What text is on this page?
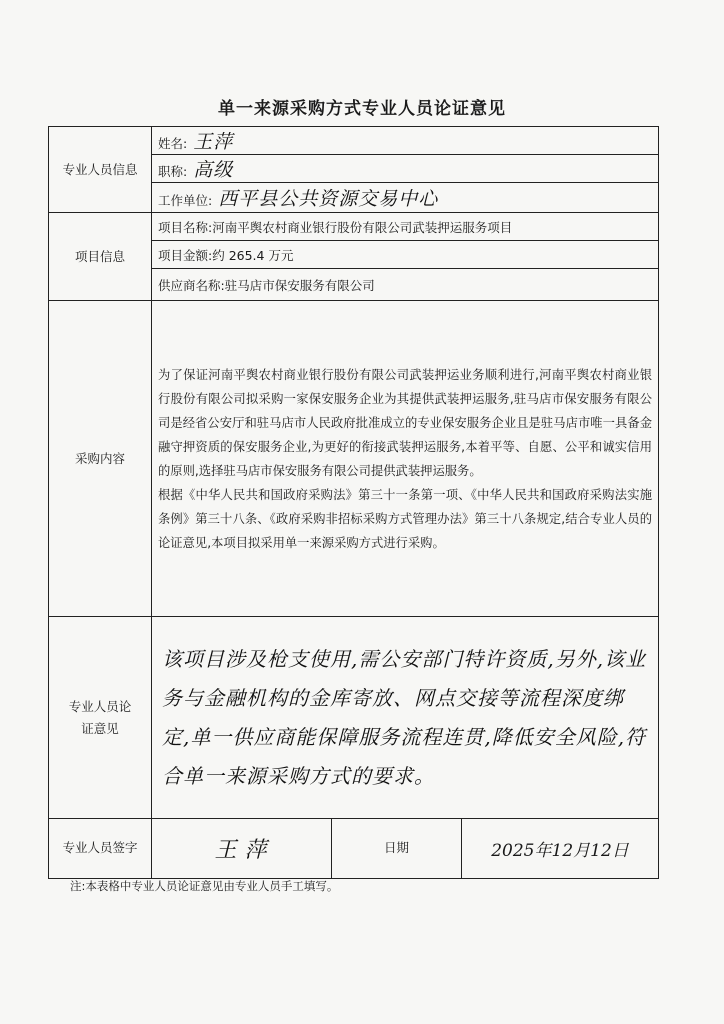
单一来源采购方式专业人员论证意见
专业人员信息	姓名: 王萍		
	职称: 高级		
	工作单位: 西平县公共资源交易中心		
项目信息	项目名称:河南平舆农村商业银行股份有限公司武装押运服务项目		
	项目金额:约 265.4 万元		
	供应商名称:驻马店市保安服务有限公司		
采购内容	为了保证河南平舆农村商业银行股份有限公司武装押运业务顺利进行,河南平舆农村商业银行股份有限公司拟采购一家保安服务企业为其提供武装押运服务,驻马店市保安服务有限公司是经省公安厅和驻马店市人民政府批准成立的专业保安服务企业且是驻马店市唯一具备金融守押资质的保安服务企业,为更好的衔接武装押运服务,本着平等、自愿、公平和诚实信用的原则,选择驻马店市保安服务有限公司提供武装押运服务。

根据《中华人民共和国政府采购法》第三十一条第一项、《中华人民共和国政府采购法实施条例》第三十八条、《政府采购非招标采购方式管理办法》第三十八条规定,结合专业人员的论证意见,本项目拟采用单一来源采购方式进行采购。		

专业人员论证意见	该项目涉及枪支使用,需公安部门特许资质,另外,该业务与金融机构的金库寄放、网点交接等流程深度绑定,单一供应商能保障服务流程连贯,降低安全风险,符合单一来源采购方式的要求。		

专业人员签字	王萍	日期	2025年12月12日
注:本表格中专业人员论证意见由专业人员手工填写。
